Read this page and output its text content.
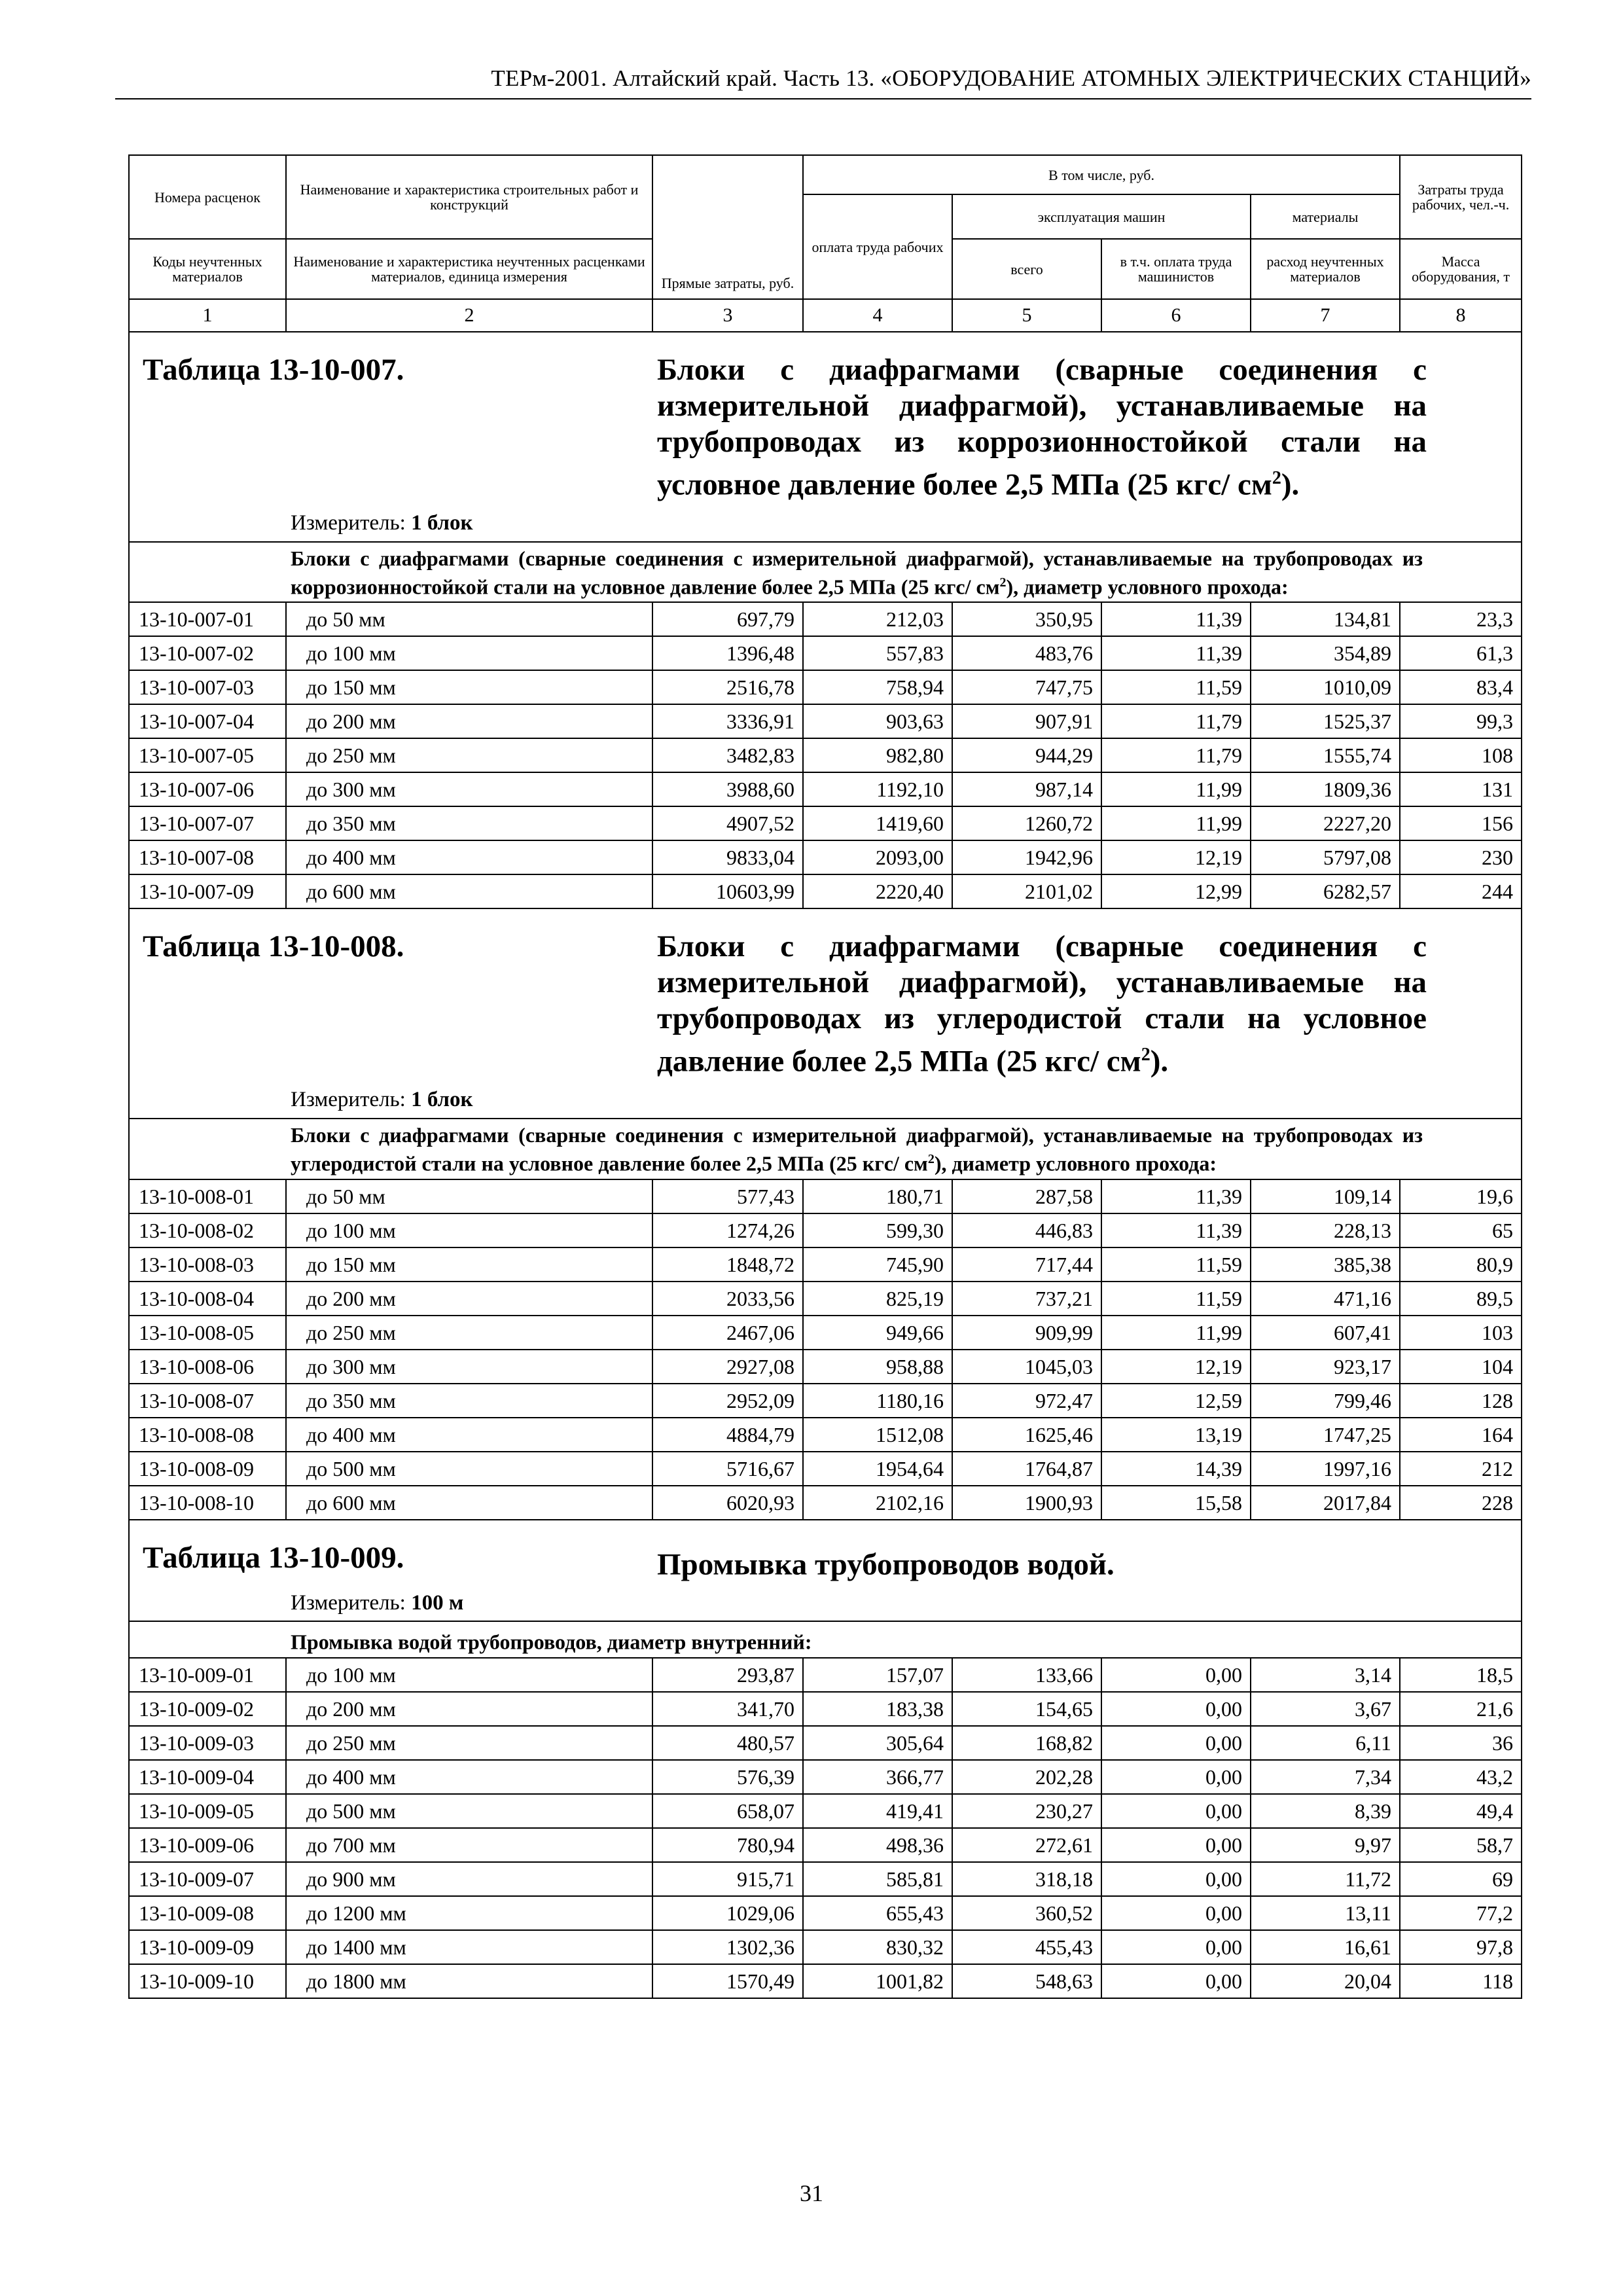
ТЕРм-2001. Алтайский край. Часть 13. «ОБОРУДОВАНИЕ АТОМНЫХ ЭЛЕКТРИЧЕСКИХ СТАНЦИЙ»
Номера расценок	Наименование и характеристика строительных работ и конструкций	Прямые затраты, руб.	В том числе, руб.				Затраты труда рабочих, чел.-ч.
			оплата труда рабочих	эксплуатация машин		материалы	
Коды неучтенных материалов	Наименование и характеристика неучтенных расценками материалов, единица измерения			всего	в т.ч. оплата труда машинистов	расход неучтенных материалов	Масса оборудования, т
1	2	3	4	5	6	7	8

Таблица 13-10-007. Блоки с диафрагмами (сварные соединения с измерительной диафрагмой), устанавливаемые на трубопроводах из коррозионностойкой стали на условное давление более 2,5 МПа (25 кгс/ $см^2$).							

Измеритель: 1 блок							

Блоки с диафрагмами (сварные соединения с измерительной диафрагмой), устанавливаемые на трубопроводах из коррозионностойкой стали на условное давление более 2,5 МПа (25 кгс/ $см^2$), диаметр условного прохода:							

13-10-007-01	до 50 мм	697,79	212,03	350,95	11,39	134,81	23,3
13-10-007-02	до 100 мм	1396,48	557,83	483,76	11,39	354,89	61,3
13-10-007-03	до 150 мм	2516,78	758,94	747,75	11,59	1010,09	83,4
13-10-007-04	до 200 мм	3336,91	903,63	907,91	11,79	1525,37	99,3
13-10-007-05	до 250 мм	3482,83	982,80	944,29	11,79	1555,74	108
13-10-007-06	до 300 мм	3988,60	1192,10	987,14	11,99	1809,36	131
13-10-007-07	до 350 мм	4907,52	1419,60	1260,72	11,99	2227,20	156
13-10-007-08	до 400 мм	9833,04	2093,00	1942,96	12,19	5797,08	230
13-10-007-09	до 600 мм	10603,99	2220,40	2101,02	12,99	6282,57	244

Таблица 13-10-008. Блоки с диафрагмами (сварные соединения с измерительной диафрагмой), устанавливаемые на трубопроводах из углеродистой стали на условное давление более 2,5 МПа (25 кгс/ $см^2$).							

Измеритель: 1 блок							

Блоки с диафрагмами (сварные соединения с измерительной диафрагмой), устанавливаемые на трубопроводах из углеродистой стали на условное давление более 2,5 МПа (25 кгс/ $см^2$), диаметр условного прохода:							

13-10-008-01	до 50 мм	577,43	180,71	287,58	11,39	109,14	19,6
13-10-008-02	до 100 мм	1274,26	599,30	446,83	11,39	228,13	65
13-10-008-03	до 150 мм	1848,72	745,90	717,44	11,59	385,38	80,9
13-10-008-04	до 200 мм	2033,56	825,19	737,21	11,59	471,16	89,5
13-10-008-05	до 250 мм	2467,06	949,66	909,99	11,99	607,41	103
13-10-008-06	до 300 мм	2927,08	958,88	1045,03	12,19	923,17	104
13-10-008-07	до 350 мм	2952,09	1180,16	972,47	12,59	799,46	128
13-10-008-08	до 400 мм	4884,79	1512,08	1625,46	13,19	1747,25	164
13-10-008-09	до 500 мм	5716,67	1954,64	1764,87	14,39	1997,16	212
13-10-008-10	до 600 мм	6020,93	2102,16	1900,93	15,58	2017,84	228

Таблица 13-10-009. Промывка трубопроводов водой.							

Измеритель: 100 м							

Промывка водой трубопроводов, диаметр внутренний:							

13-10-009-01	до 100 мм	293,87	157,07	133,66	0,00	3,14	18,5
13-10-009-02	до 200 мм	341,70	183,38	154,65	0,00	3,67	21,6
13-10-009-03	до 250 мм	480,57	305,64	168,82	0,00	6,11	36
13-10-009-04	до 400 мм	576,39	366,77	202,28	0,00	7,34	43,2
13-10-009-05	до 500 мм	658,07	419,41	230,27	0,00	8,39	49,4
13-10-009-06	до 700 мм	780,94	498,36	272,61	0,00	9,97	58,7
13-10-009-07	до 900 мм	915,71	585,81	318,18	0,00	11,72	69
13-10-009-08	до 1200 мм	1029,06	655,43	360,52	0,00	13,11	77,2
13-10-009-09	до 1400 мм	1302,36	830,32	455,43	0,00	16,61	97,8
13-10-009-10	до 1800 мм	1570,49	1001,82	548,63	0,00	20,04	118
31
